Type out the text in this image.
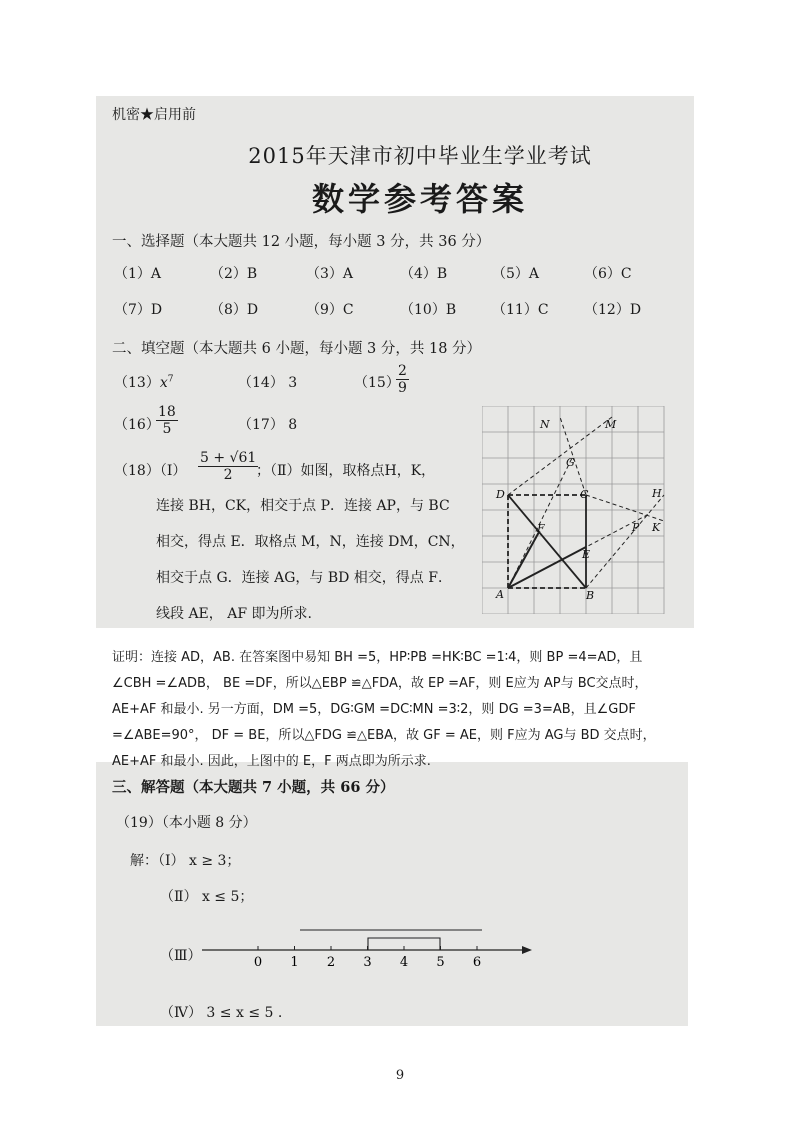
机密★启用前
2015年天津市初中毕业生学业考试
数学参考答案
一、选择题（本大题共 12 小题，每小题 3 分，共 36 分）
（1）A	（2）B	（3）A	（4）B	（5）A	（6）C
（7）D	（8）D	（9）C	（10）B	（11）C	（12）D
二、填空题（本大题共 6 小题，每小题 3 分，共 18 分）
$(13)x^7$	（14） 3	（15）
$\frac{2}{9}$
（16）
$\frac{18}{5}$	（17） 8
（18）（Ⅰ） $\frac{5 + √61}{2}$
；（Ⅱ）如图，取格点H，K，
连接 BH，CK，相交于点 P．连接 AP，与 BC
相交，得点 E．取格点 M，N，连接 DM，CN，
相交于点 G．连接 AG，与 BD 相交，得点 F．
线段 AE， AF 即为所求.
N	M
G
D	C	H
F	P K
E
A	B
证明：连接 AD，AB. 在答案图中易知 BH =5，HP∶PB =HK∶BC =1∶4，则 BP =4=AD，且
∠CBH =∠ADB， BE =DF，所以△EBP ≌△FDA，故 EP =AF，则 E应为 AP与 BC交点时，
AE+AF 和最小. 另一方面，DM =5，DG∶GM =DC∶MN =3∶2，则 DG =3=AB，且∠GDF
=∠ABE=90°， DF = BE，所以△FDG ≌△EBA，故 GF = AE，则 F应为 AG与 BD 交点时，
AE+AF 和最小. 因此，上图中的 E，F 两点即为所示求.
三、解答题（本大题共 7 小题，共 66 分）
（19）（本小题 8 分）
解：（Ⅰ） x ≥ 3；
（Ⅱ） x ≤ 5；
（Ⅲ）
（Ⅳ） 3 ≤ x ≤ 5 .
0 1 2 3 4 5 6
9
